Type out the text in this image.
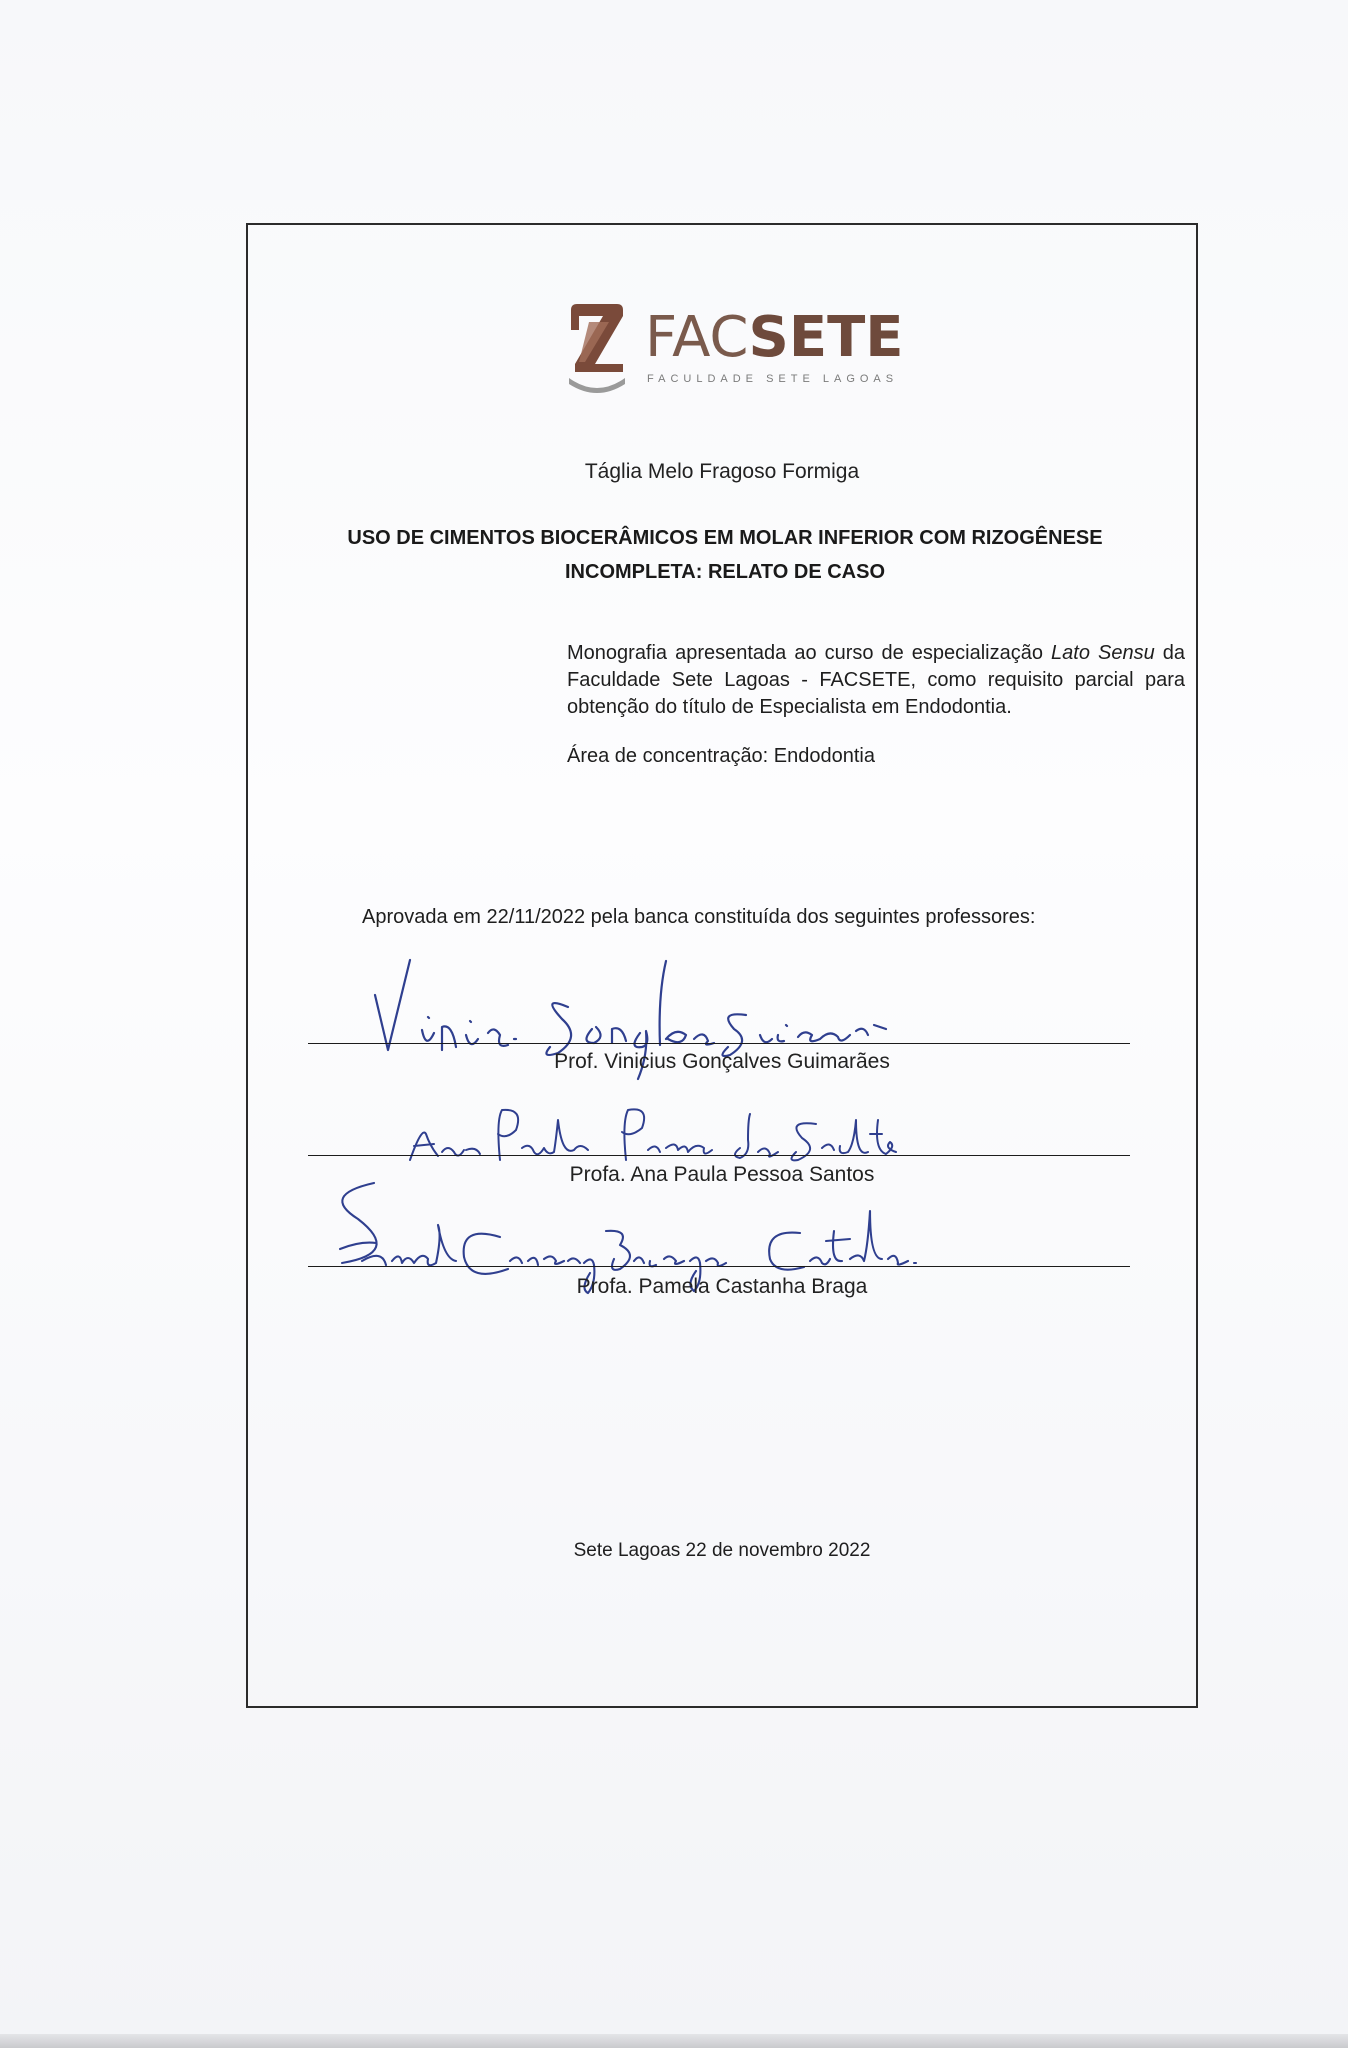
FACSETE
FACULDADE SETE LAGOAS
Táglia Melo Fragoso Formiga
USO DE CIMENTOS BIOCERÂMICOS EM MOLAR INFERIOR COM RIZOGÊNESE INCOMPLETA: RELATO DE CASO
Monografia apresentada ao curso de especialização Lato Sensu da Faculdade Sete Lagoas - FACSETE, como requisito parcial para obtenção do título de Especialista em Endodontia.
Área de concentração: Endodontia
Aprovada em 22/11/2022 pela banca constituída dos seguintes professores:
Prof. Vinicius Gonçalves Guimarães
Profa. Ana Paula Pessoa Santos
Profa. Pamela Castanha Braga
Sete Lagoas 22 de novembro 2022
